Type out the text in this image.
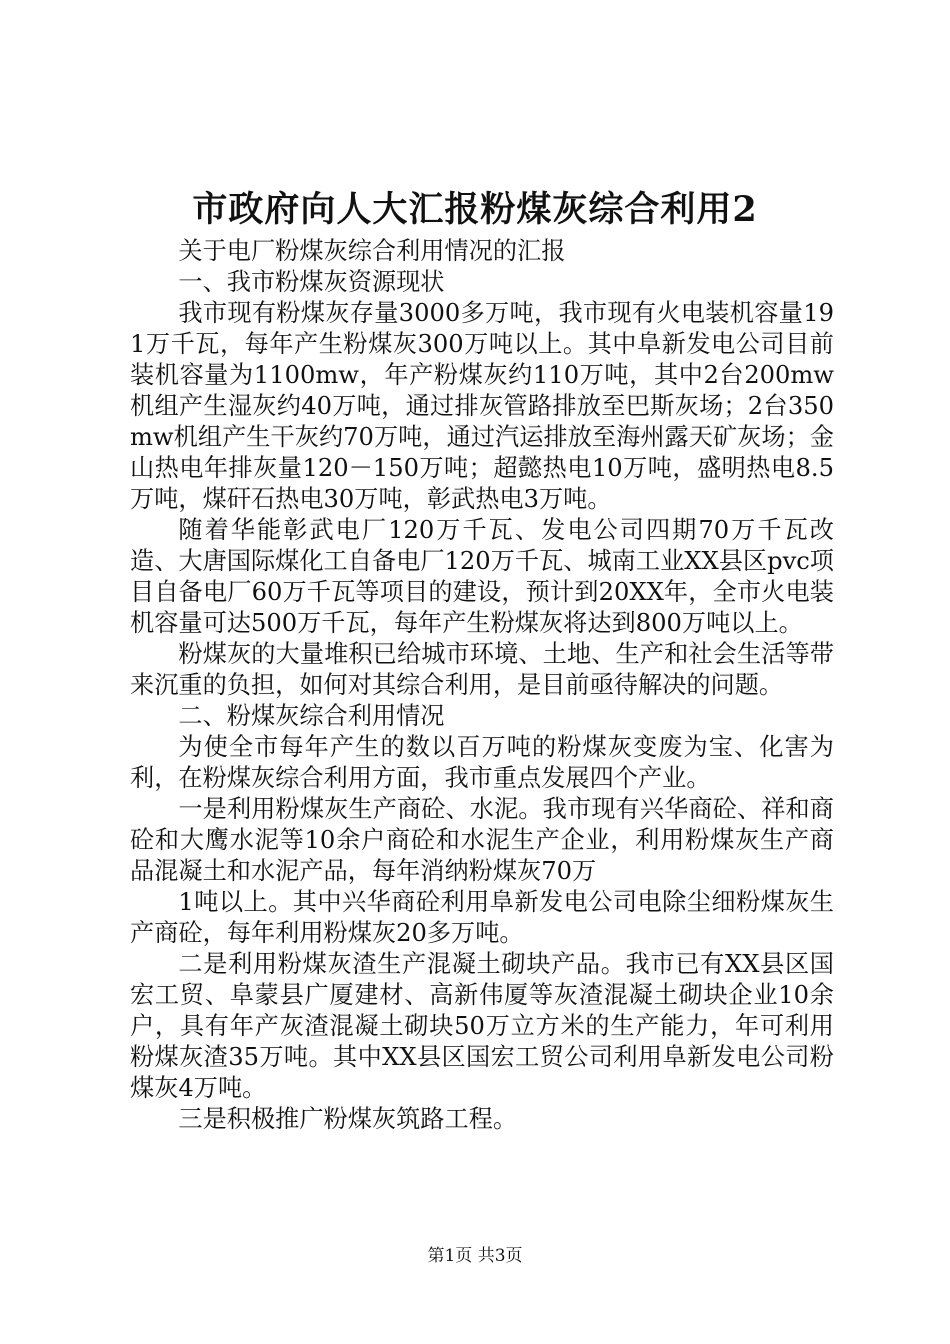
市政府向人大汇报粉煤灰综合利用2

关于电厂粉煤灰综合利用情况的汇报

一、我市粉煤灰资源现状

我市现有粉煤灰存量3000多万吨，我市现有火电装机容量191万千瓦，每年产生粉煤灰300万吨以上。其中阜新发电公司目前装机容量为1100mw，年产粉煤灰约110万吨，其中2台200mw机组产生湿灰约40万吨，通过排灰管路排放至巴斯灰场；2台350mw机组产生干灰约70万吨，通过汽运排放至海州露天矿灰场；金山热电年排灰量120－150万吨；超懿热电10万吨，盛明热电8.5万吨，煤矸石热电30万吨，彰武热电3万吨。

随着华能彰武电厂120万千瓦、发电公司四期70万千瓦改造、大唐国际煤化工自备电厂120万千瓦、城南工业XX县区pvc项目自备电厂60万千瓦等项目的建设，预计到20XX年，全市火电装机容量可达500万千瓦，每年产生粉煤灰将达到800万吨以上。

粉煤灰的大量堆积已给城市环境、土地、生产和社会生活等带来沉重的负担，如何对其综合利用，是目前亟待解决的问题。

二、粉煤灰综合利用情况

为使全市每年产生的数以百万吨的粉煤灰变废为宝、化害为利，在粉煤灰综合利用方面，我市重点发展四个产业。

一是利用粉煤灰生产商砼、水泥。我市现有兴华商砼、祥和商砼和大鹰水泥等10余户商砼和水泥生产企业，利用粉煤灰生产商品混凝土和水泥产品，每年消纳粉煤灰70万

1吨以上。其中兴华商砼利用阜新发电公司电除尘细粉煤灰生产商砼，每年利用粉煤灰20多万吨。

二是利用粉煤灰渣生产混凝土砌块产品。我市已有XX县区国宏工贸、阜蒙县广厦建材、高新伟厦等灰渣混凝土砌块企业10余户，具有年产灰渣混凝土砌块50万立方米的生产能力，年可利用粉煤灰渣35万吨。其中XX县区国宏工贸公司利用阜新发电公司粉煤灰4万吨。

三是积极推广粉煤灰筑路工程。

第1页 共3页
